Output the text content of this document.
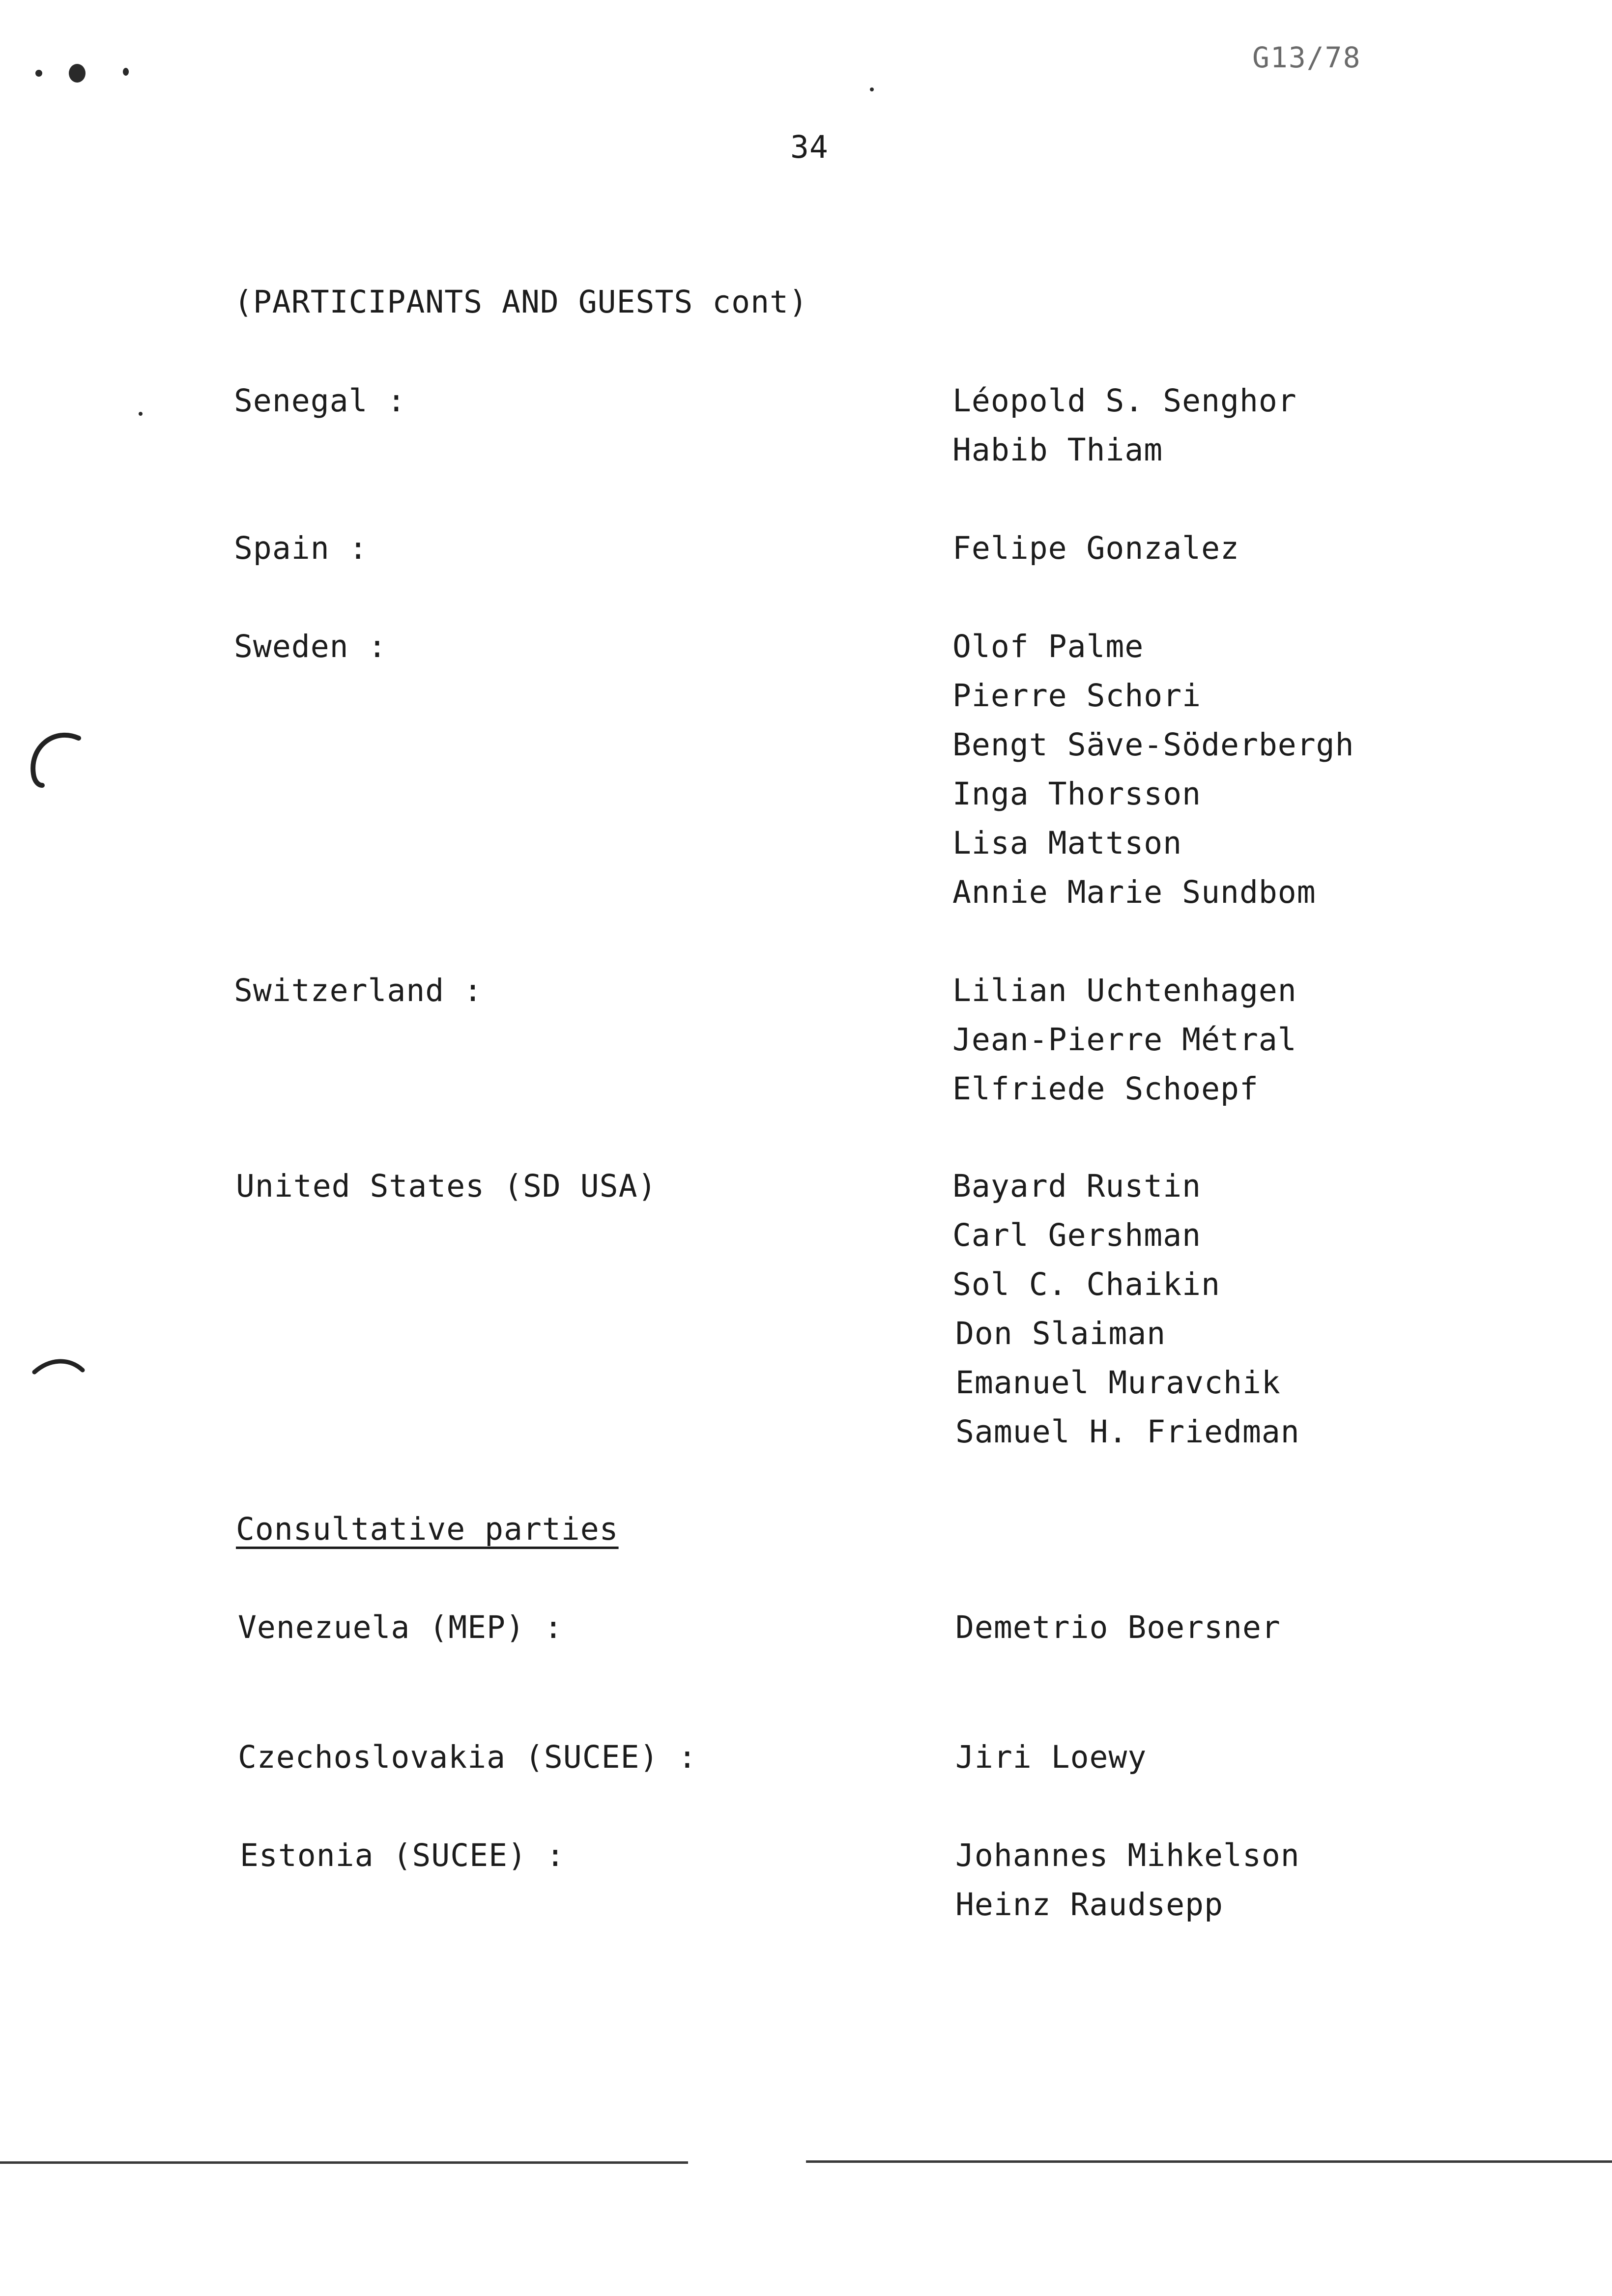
G13/78
34
(PARTICIPANTS AND GUESTS cont)
Senegal :	Léopold S. Senghor
Habib Thiam
Spain :	Felipe Gonzalez
Sweden :	Olof Palme
Pierre Schori
Bengt Säve-Söderbergh
Inga Thorsson
Lisa Mattson
Annie Marie Sundbom
Switzerland :	Lilian Uchtenhagen
Jean-Pierre Métral
Elfriede Schoepf
United States (SD USA)	Bayard Rustin
Carl Gershman
Sol C. Chaikin
Don Slaiman
Emanuel Muravchik
Samuel H. Friedman
Consultative parties
Venezuela (MEP) :	Demetrio Boersner
Czechoslovakia (SUCEE) :	Jiri Loewy
Estonia (SUCEE) :	Johannes Mihkelson
Heinz Raudsepp
